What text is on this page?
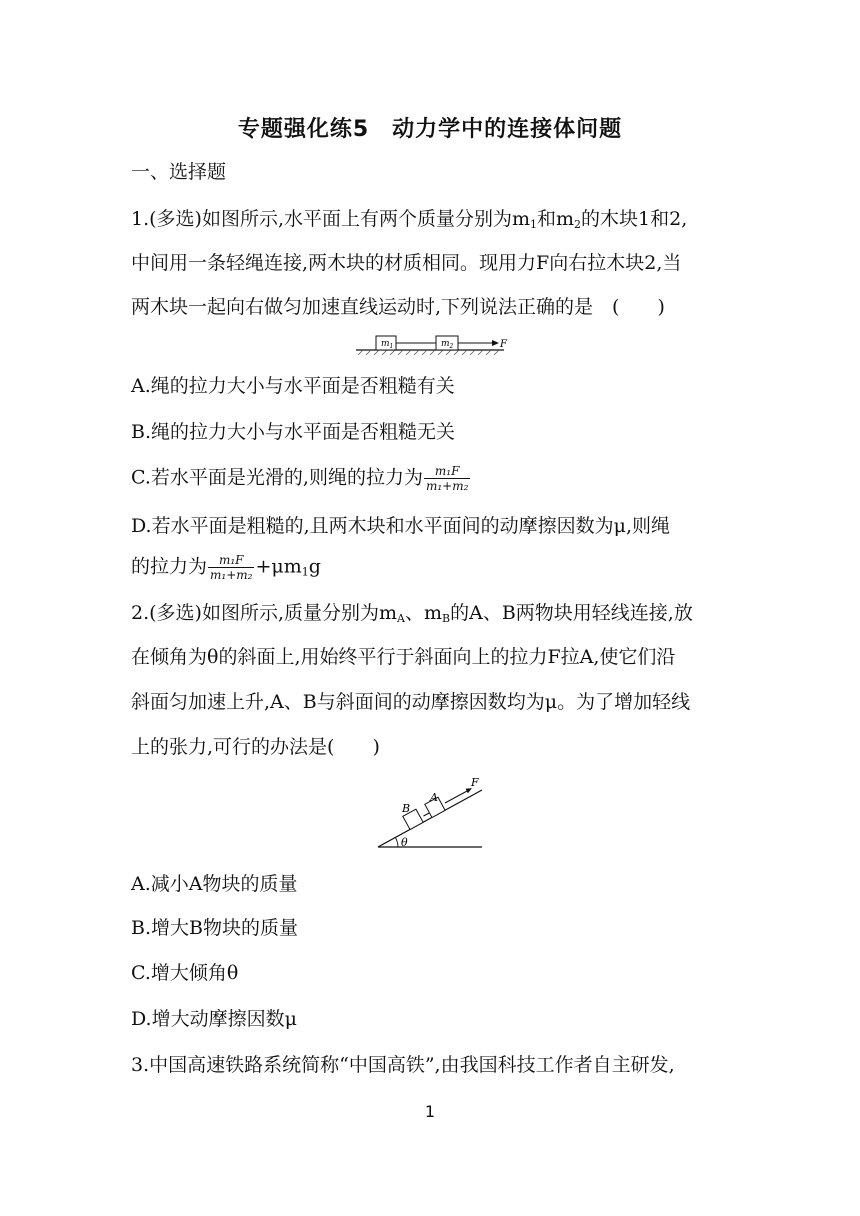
专题强化练5　动力学中的连接体问题
一、选择题
1.(多选)如图所示,水平面上有两个质量分别为$m_1$和$m_2$的木块1和2,
中间用一条轻绳连接,两木块的材质相同。现用力F向右拉木块2,当
两木块一起向右做匀加速直线运动时,下列说法正确的是　(　　)
$m_1$	$m_2$	F
A.绳的拉力大小与水平面是否粗糙有关
B.绳的拉力大小与水平面是否粗糙无关
C.若水平面是光滑的,则绳的拉力为 $\frac{\text{m₁F}}{\text{m₁+m₂}}$
D.若水平面是粗糙的,且两木块和水平面间的动摩擦因数为μ,则绳
的拉力为 $\frac{\text{m₁F}}{\text{m₁+m₂}} +\mu m_1g$
2.(多选)如图所示,质量分别为$m_A$、$m_B$的A、B两物块用轻线连接,放
在倾角为θ的斜面上,用始终平行于斜面向上的拉力F拉A,使它们沿
斜面匀加速上升,A、B与斜面间的动摩擦因数均为μ。为了增加轻线
上的张力,可行的办法是(　　)
θ
F
B
A
A.减小A物块的质量
B.增大B物块的质量
C.增大倾角θ
D.增大动摩擦因数μ
3.中国高速铁路系统简称“中国高铁”,由我国科技工作者自主研发,
1
